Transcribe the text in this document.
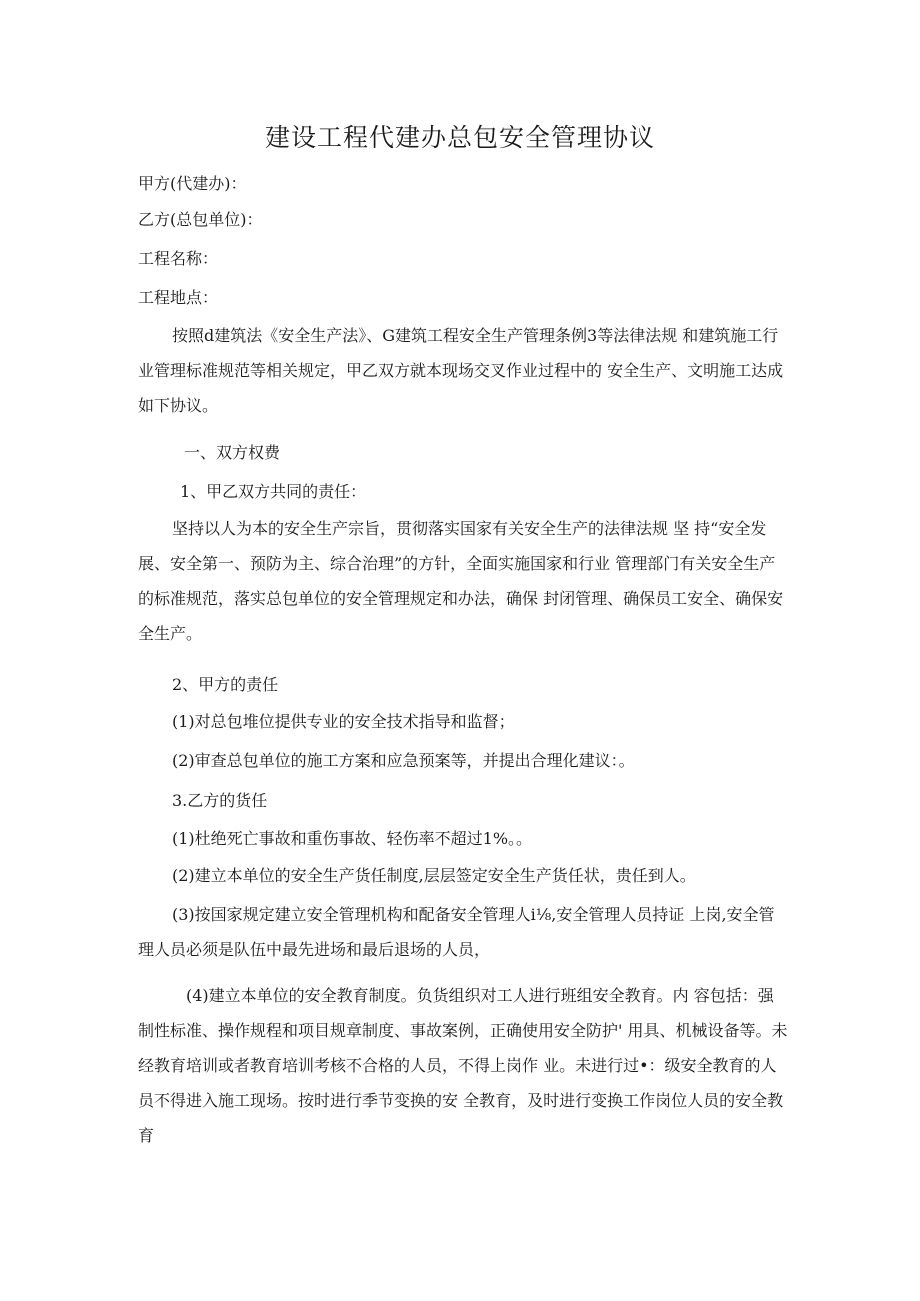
建设工程代建办总包安全管理协议
甲方(代建办)：
乙方(总包单位)：
工程名称：
工程地点：
按照d建筑法《安全生产法》、G建筑工程安全生产管理条例3等法律法规 和建筑施工行业管理标准规范等相关规定，甲乙双方就本现场交叉作业过程中的 安全生产、文明施工达成如下协议。
一、双方权费
1、甲乙双方共同的责任：
坚持以人为本的安全生产宗旨，贯彻落实国家有关安全生产的法律法规 坚 持“安全发展、安全第一、预防为主、综合治理”的方针，全面实施国家和行业 管理部门有关安全生产的标准规范，落实总包单位的安全管理规定和办法，确保 封闭管理、确保员工安全、确保安全生产。
2、甲方的责任
(1)对总包堆位提供专业的安全技术指导和监督；
(2)审查总包单位的施工方案和应急预案等，并提出合理化建议：。
3.乙方的货任
(1)杜绝死亡事故和重伤事故、轻伤率不超过1%。。
(2)建立本单位的安全生产货任制度,层层签定安全生产货任状，贵任到人。
(3)按国家规定建立安全管理机构和配备安全管理人i⅛,安全管理人员持证 上岗,安全管理人员必须是队伍中最先进场和最后退场的人员，
(4)建立本单位的安全教育制度。负货组织对工人进行班组安全教育。内 容包括：强制性标准、操作规程和项目规章制度、事故案例，正确使用安全防护' 用具、机械设备等。未经教育培训或者教育培训考核不合格的人员，不得上岗作 业。未进行过•：级安全教育的人员不得进入施工现场。按时进行季节变换的安 全教育，及时进行变换工作岗位人员的安全教育
